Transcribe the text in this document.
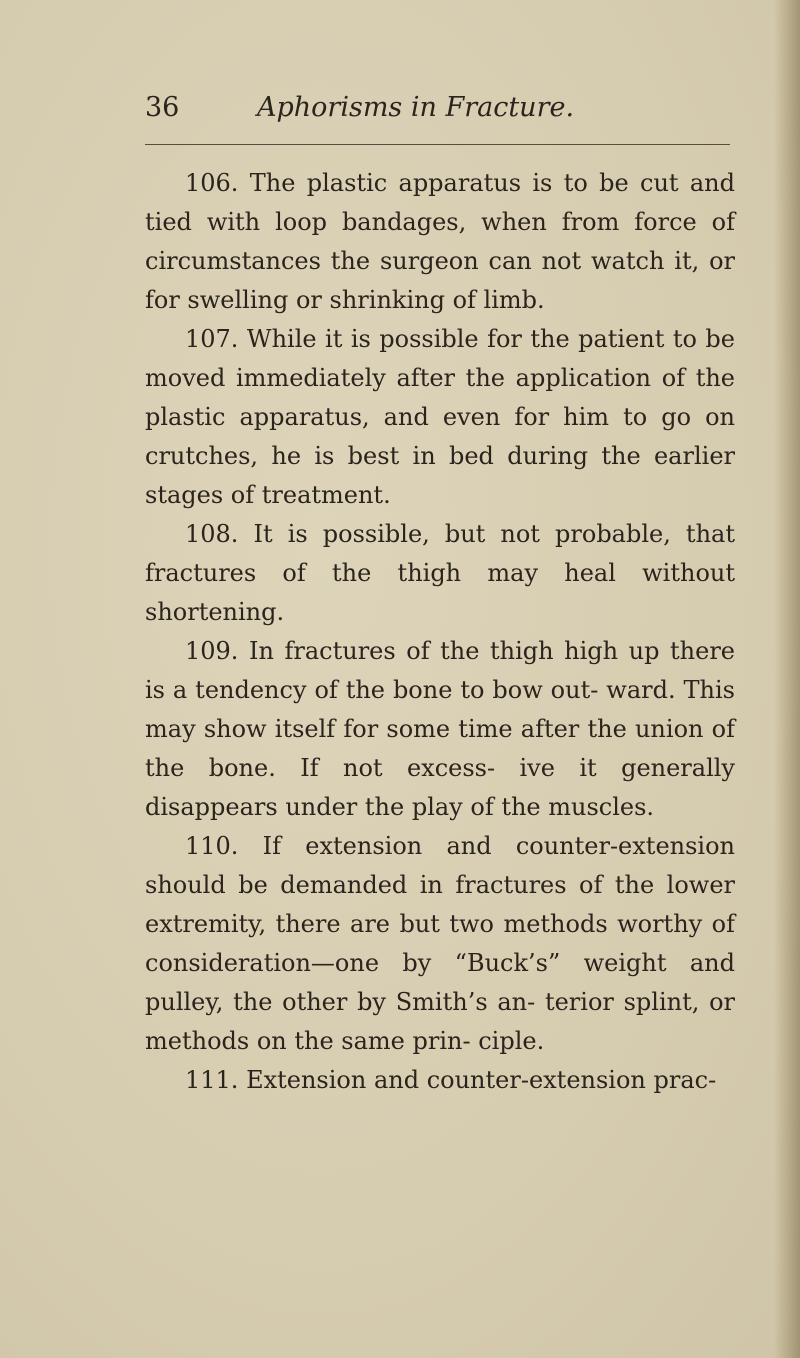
36	Aphorisms in Fracture.

106. The plastic apparatus is to be cut and tied with loop bandages, when from force of circumstances the surgeon can not watch it, or for swelling or shrinking of limb.

107. While it is possible for the patient to be moved immediately after the application of the plastic apparatus, and even for him to go on crutches, he is best in bed during the earlier stages of treatment.

108. It is possible, but not probable, that fractures of the thigh may heal without shortening.

109. In fractures of the thigh high up there is a tendency of the bone to bow out- ward. This may show itself for some time after the union of the bone. If not excess- ive it generally disappears under the play of the muscles.

110. If extension and counter-extension should be demanded in fractures of the lower extremity, there are but two methods worthy of consideration—one by “Buck’s” weight and pulley, the other by Smith’s an- terior splint, or methods on the same prin- ciple.

111. Extension and counter-extension prac-
